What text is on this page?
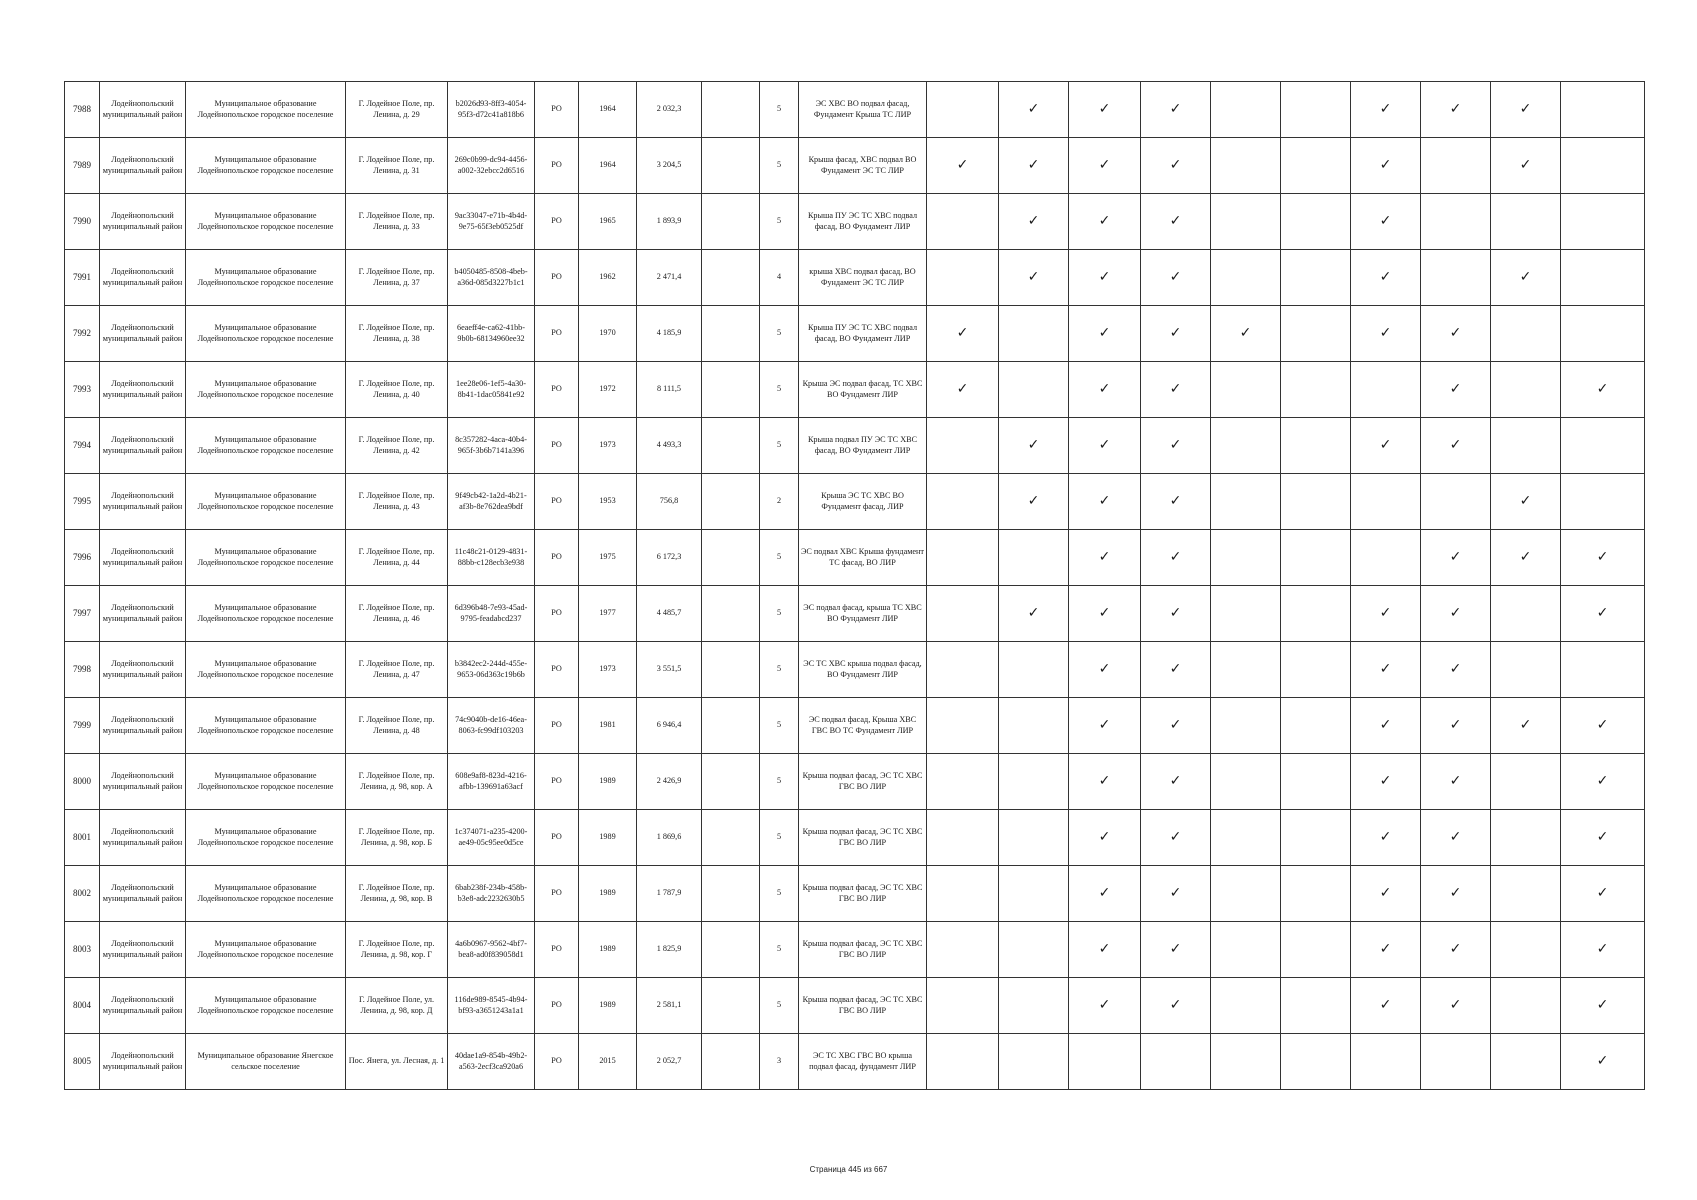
7988	Лодейнопольский муниципальный район	Муниципальное образование Лодейнопольское городское поселение	Г. Лодейное Поле, пр. Ленина, д. 29	b2026d93-8ff3-4054-95f3-d72c41a818b6	РО	1964	2 032,3		5	ЭС ХВС ВО подвал фасад, Фундамент Крыша ТС ЛИР		✓	✓	✓			✓	✓	✓	
7989	Лодейнопольский муниципальный район	Муниципальное образование Лодейнопольское городское поселение	Г. Лодейное Поле, пр. Ленина, д. 31	269c0b99-dc94-4456-a002-32ebcc2d6516	РО	1964	3 204,5		5	Крыша фасад, ХВС подвал ВО Фундамент ЭС ТС ЛИР	✓	✓	✓	✓			✓		✓	
7990	Лодейнопольский муниципальный район	Муниципальное образование Лодейнопольское городское поселение	Г. Лодейное Поле, пр. Ленина, д. 33	9ac33047-e71b-4b4d-9e75-65f3eb0525df	РО	1965	1 893,9		5	Крыша ПУ ЭС ТС ХВС подвал фасад, ВО Фундамент ЛИР		✓	✓	✓			✓			
7991	Лодейнопольский муниципальный район	Муниципальное образование Лодейнопольское городское поселение	Г. Лодейное Поле, пр. Ленина, д. 37	b4050485-8508-4beb-a36d-085d3227b1c1	РО	1962	2 471,4		4	крыша ХВС подвал фасад, ВО Фундамент ЭС ТС ЛИР		✓	✓	✓			✓		✓	
7992	Лодейнопольский муниципальный район	Муниципальное образование Лодейнопольское городское поселение	Г. Лодейное Поле, пр. Ленина, д. 38	6eaeff4e-ca62-41bb-9b0b-68134960ee32	РО	1970	4 185,9		5	Крыша ПУ ЭС ТС ХВС подвал фасад, ВО Фундамент ЛИР	✓		✓	✓	✓		✓	✓		
7993	Лодейнопольский муниципальный район	Муниципальное образование Лодейнопольское городское поселение	Г. Лодейное Поле, пр. Ленина, д. 40	1ee28e06-1ef5-4a30-8b41-1dac05841e92	РО	1972	8 111,5		5	Крыша ЭС подвал фасад, ТС ХВС ВО Фундамент ЛИР	✓		✓	✓				✓		✓
7994	Лодейнопольский муниципальный район	Муниципальное образование Лодейнопольское городское поселение	Г. Лодейное Поле, пр. Ленина, д. 42	8c357282-4aca-40b4-965f-3b6b7141a396	РО	1973	4 493,3		5	Крыша подвал ПУ ЭС ТС ХВС фасад, ВО Фундамент ЛИР		✓	✓	✓			✓	✓		
7995	Лодейнопольский муниципальный район	Муниципальное образование Лодейнопольское городское поселение	Г. Лодейное Поле, пр. Ленина, д. 43	9f49cb42-1a2d-4b21-af3b-8e762dea9bdf	РО	1953	756,8		2	Крыша ЭС ТС ХВС ВО Фундамент фасад, ЛИР		✓	✓	✓					✓	
7996	Лодейнопольский муниципальный район	Муниципальное образование Лодейнопольское городское поселение	Г. Лодейное Поле, пр. Ленина, д. 44	11c48c21-0129-4831-88bb-c128ecb3e938	РО	1975	6 172,3		5	ЭС подвал ХВС Крыша фундамент ТС фасад, ВО ЛИР			✓	✓				✓	✓	✓
7997	Лодейнопольский муниципальный район	Муниципальное образование Лодейнопольское городское поселение	Г. Лодейное Поле, пр. Ленина, д. 46	6d396b48-7e93-45ad-9795-feadabcd237	РО	1977	4 485,7		5	ЭС подвал фасад, крыша ТС ХВС ВО Фундамент ЛИР		✓	✓	✓			✓	✓		✓
7998	Лодейнопольский муниципальный район	Муниципальное образование Лодейнопольское городское поселение	Г. Лодейное Поле, пр. Ленина, д. 47	b3842ec2-244d-455e-9653-06d363c19b6b	РО	1973	3 551,5		5	ЭС ТС ХВС крыша подвал фасад, ВО Фундамент ЛИР			✓	✓			✓	✓		
7999	Лодейнопольский муниципальный район	Муниципальное образование Лодейнопольское городское поселение	Г. Лодейное Поле, пр. Ленина, д. 48	74c9040b-de16-46ea-8063-fc99df103203	РО	1981	6 946,4		5	ЭС подвал фасад, Крыша ХВС ГВС ВО ТС Фундамент ЛИР			✓	✓			✓	✓	✓	✓
8000	Лодейнопольский муниципальный район	Муниципальное образование Лодейнопольское городское поселение	Г. Лодейное Поле, пр. Ленина, д. 98, кор. А	608e9af8-823d-4216-afbb-139691a63acf	РО	1989	2 426,9		5	Крыша подвал фасад, ЭС ТС ХВС ГВС ВО ЛИР			✓	✓			✓	✓		✓
8001	Лодейнопольский муниципальный район	Муниципальное образование Лодейнопольское городское поселение	Г. Лодейное Поле, пр. Ленина, д. 98, кор. Б	1c374071-a235-4200-ae49-05c95ee0d5ce	РО	1989	1 869,6		5	Крыша подвал фасад, ЭС ТС ХВС ГВС ВО ЛИР			✓	✓			✓	✓		✓
8002	Лодейнопольский муниципальный район	Муниципальное образование Лодейнопольское городское поселение	Г. Лодейное Поле, пр. Ленина, д. 98, кор. В	6bab238f-234b-458b-b3e8-adc2232630b5	РО	1989	1 787,9		5	Крыша подвал фасад, ЭС ТС ХВС ГВС ВО ЛИР			✓	✓			✓	✓		✓
8003	Лодейнопольский муниципальный район	Муниципальное образование Лодейнопольское городское поселение	Г. Лодейное Поле, пр. Ленина, д. 98, кор. Г	4a6b0967-9562-4bf7-bea8-ad0f839058d1	РО	1989	1 825,9		5	Крыша подвал фасад, ЭС ТС ХВС ГВС ВО ЛИР			✓	✓			✓	✓		✓
8004	Лодейнопольский муниципальный район	Муниципальное образование Лодейнопольское городское поселение	Г. Лодейное Поле, ул. Ленина, д. 98, кор. Д	116de989-8545-4b94-bf93-a3651243a1a1	РО	1989	2 581,1		5	Крыша подвал фасад, ЭС ТС ХВС ГВС ВО ЛИР			✓	✓			✓	✓		✓
8005	Лодейнопольский муниципальный район	Муниципальное образование Янегское сельское поселение	Пос. Янега, ул. Лесная, д. 1	40dae1a9-854b-49b2-a563-2ecf3ca920a6	РО	2015	2 052,7		3	ЭС ТС ХВС ГВС ВО крыша подвал фасад, фундамент ЛИР										✓
Страница 445 из 667
